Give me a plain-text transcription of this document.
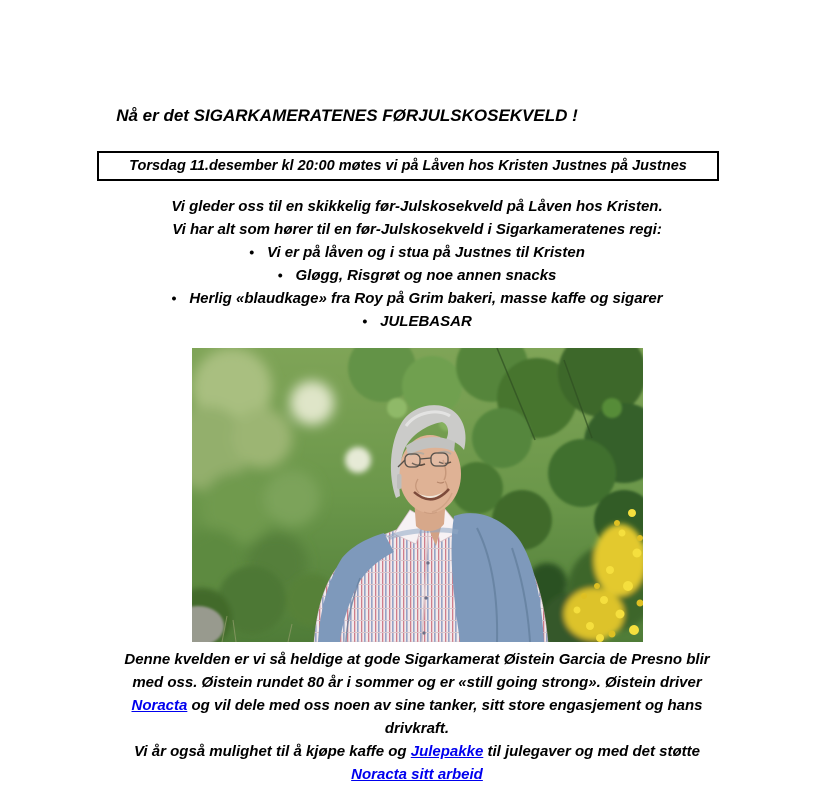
Nå er det SIGARKAMERATENES FØRJULSKOSEKVELD !
Torsdag 11.desember kl 20:00 møtes vi på Låven hos Kristen Justnes på Justnes
Vi gleder oss til en skikkelig før-Julskosekveld på Låven hos Kristen.
Vi har alt som hører til en før-Julskosekveld i Sigarkameratenes regi:
• Vi er på låven og i stua på Justnes til Kristen
• Gløgg, Risgrøt og noe annen snacks
• Herlig «blaudkage» fra Roy på Grim bakeri, masse kaffe og sigarer
• JULEBASAR
Denne kvelden er vi så heldige at gode Sigarkamerat Øistein Garcia de Presno blir
med oss. Øistein rundet 80 år i sommer og er «still going strong». Øistein driver
Noracta og vil dele med oss noen av sine tanker, sitt store engasjement og hans
drivkraft.
Vi år også mulighet til å kjøpe kaffe og Julepakke til julegaver og med det støtte
Noracta sitt arbeid
